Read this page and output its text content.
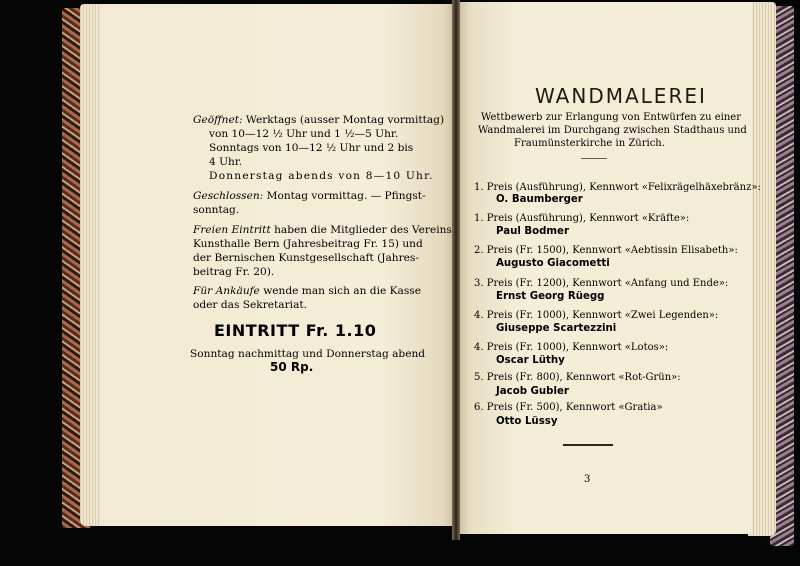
Geöffnet: Werktags (ausser Montag vormittag)
von 10—12 ½ Uhr und 1 ½—5 Uhr.
Sonntags von 10—12 ½ Uhr und 2 bis
4 Uhr.
Donnerstag abends von 8—10 Uhr.
Geschlossen: Montag vormittag. — Pfingst-
sonntag.
Freien Eintritt haben die Mitglieder des Vereins
Kunsthalle Bern (Jahresbeitrag Fr. 15) und
der Bernischen Kunstgesellschaft (Jahres-
beitrag Fr. 20).
Für Ankäufe wende man sich an die Kasse
oder das Sekretariat.
EINTRITT Fr. 1.10
Sonntag nachmittag und Donnerstag abend
50 Rp.
WANDMALEREI
Wettbewerb zur Erlangung von Entwürfen zu einer
Wandmalerei im Durchgang zwischen Stadthaus und
Fraumünsterkirche in Zürich.
1. Preis (Ausführung), Kennwort «Felixrägelhäxebränz»:
O. Baumberger
1. Preis (Ausführung), Kennwort «Kräfte»:
Paul Bodmer
2. Preis (Fr. 1500), Kennwort «Aebtissin Elisabeth»:
Augusto Giacometti
3. Preis (Fr. 1200), Kennwort «Anfang und Ende»:
Ernst Georg Rüegg
4. Preis (Fr. 1000), Kennwort «Zwei Legenden»:
Giuseppe Scartezzini
4. Preis (Fr. 1000), Kennwort «Lotos»:
Oscar Lüthy
5. Preis (Fr. 800), Kennwort «Rot-Grün»:
Jacob Gubler
6. Preis (Fr. 500), Kennwort «Gratia»
Otto Lüssy
3
